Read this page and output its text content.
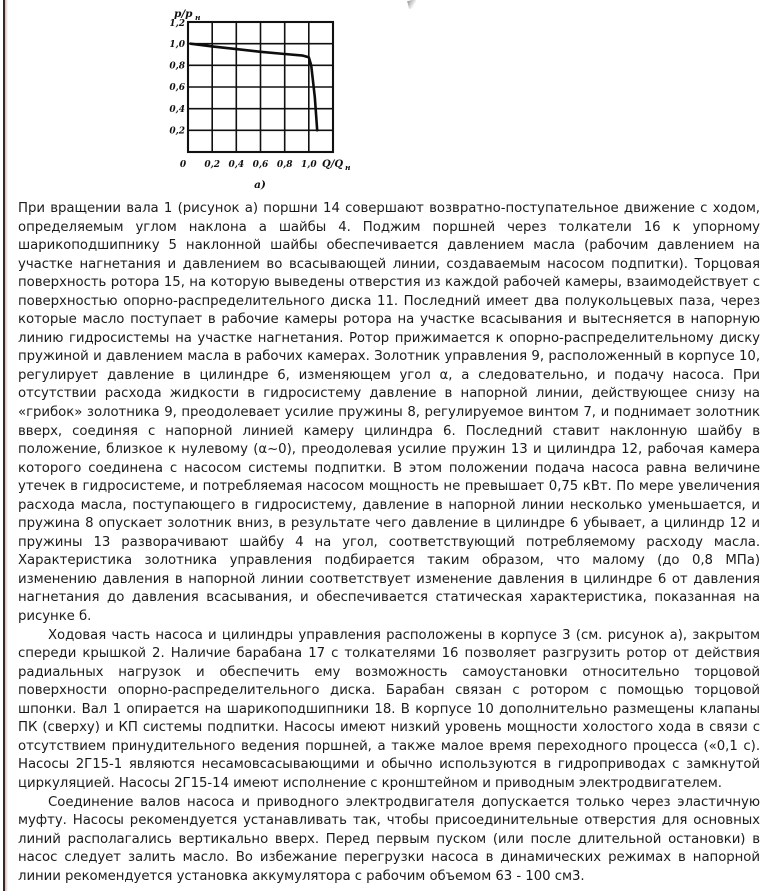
p/p н
1,2
1,0
0,8
0,6
0,4
0,2
0 0,2 0,4 0,6 0,8 1,0 Q/Q н
а)

При вращении вала 1 (рисунок а) поршни 14 совершают возвратно-поступательное движение с ходом, определяемым углом наклона а шайбы 4. Поджим поршней через толкатели 16 к упорному шарикоподшипнику 5 наклонной шайбы обеспечивается давлением масла (рабочим давлением на участке нагнетания и давлением во всасывающей линии, создаваемым насосом подпитки). Торцовая поверхность ротора 15, на которую выведены отверстия из каждой рабочей камеры, взаимодействует с поверхностью опорно-распределительного диска 11. Последний имеет два полукольцевых паза, через которые масло поступает в рабочие камеры ротора на участке всасывания и вытесняется в напорную линию гидросистемы на участке нагнетания. Ротор прижимается к опорно-распределительному диску пружиной и давлением масла в рабочих камерах. Золотник управления 9, расположенный в корпусе 10, регулирует давление в цилиндре 6, изменяющем угол α, а следовательно, и подачу насоса. При отсутствии расхода жидкости в гидросистему давление в напорной линии, действующее снизу на «грибок» золотника 9, преодолевает усилие пружины 8, регулируемое винтом 7, и поднимает золотник вверх, соединяя с напорной линией камеру цилиндра 6. Последний ставит наклонную шайбу в положение, близкое к нулевому (α~0), преодолевая усилие пружин 13 и цилиндра 12, рабочая камера которого соединена с насосом системы подпитки. В этом положении подача насоса равна величине утечек в гидросистеме, и потребляемая насосом мощность не превышает 0,75 кВт. По мере увеличения расхода масла, поступающего в гидросистему, давление в напорной линии несколько уменьшается, и пружина 8 опускает золотник вниз, в результате чего давление в цилиндре 6 убывает, а цилиндр 12 и пружины 13 разворачивают шайбу 4 на угол, соответствующий потребляемому расходу масла. Характеристика золотника управления подбирается таким образом, что малому (до 0,8 МПа) изменению давления в напорной линии соответствует изменение давления в цилиндре 6 от давления нагнетания до давления всасывания, и обеспечивается статическая характеристика, показанная на рисунке б.

Ходовая часть насоса и цилиндры управления расположены в корпусе 3 (см. рисунок а), закрытом спереди крышкой 2. Наличие барабана 17 с толкателями 16 позволяет разгрузить ротор от действия радиальных нагрузок и обеспечить ему возможность самоустановки относительно торцовой поверхности опорно-распределительного диска. Барабан связан с ротором с помощью торцовой шпонки. Вал 1 опирается на шарикоподшипники 18. В корпусе 10 дополнительно размещены клапаны ПК (сверху) и КП системы подпитки. Насосы имеют низкий уровень мощности холостого хода в связи с отсутствием принудительного ведения поршней, а также малое время переходного процесса («0,1 с). Насосы 2Г15-1 являются несамовсасывающими и обычно используются в гидроприводах с замкнутой циркуляцией. Насосы 2Г15-14 имеют исполнение с кронштейном и приводным электродвигателем.

Соединение валов насоса и приводного электродвигателя допускается только через эластичную муфту. Насосы рекомендуется устанавливать так, чтобы присоединительные отверстия для основных линий располагались вертикально вверх. Перед первым пуском (или после длительной остановки) в насос следует залить масло. Во избежание перегрузки насоса в динамических режимах в напорной линии рекомендуется установка аккумулятора с рабочим объемом 63 - 100 см3.
